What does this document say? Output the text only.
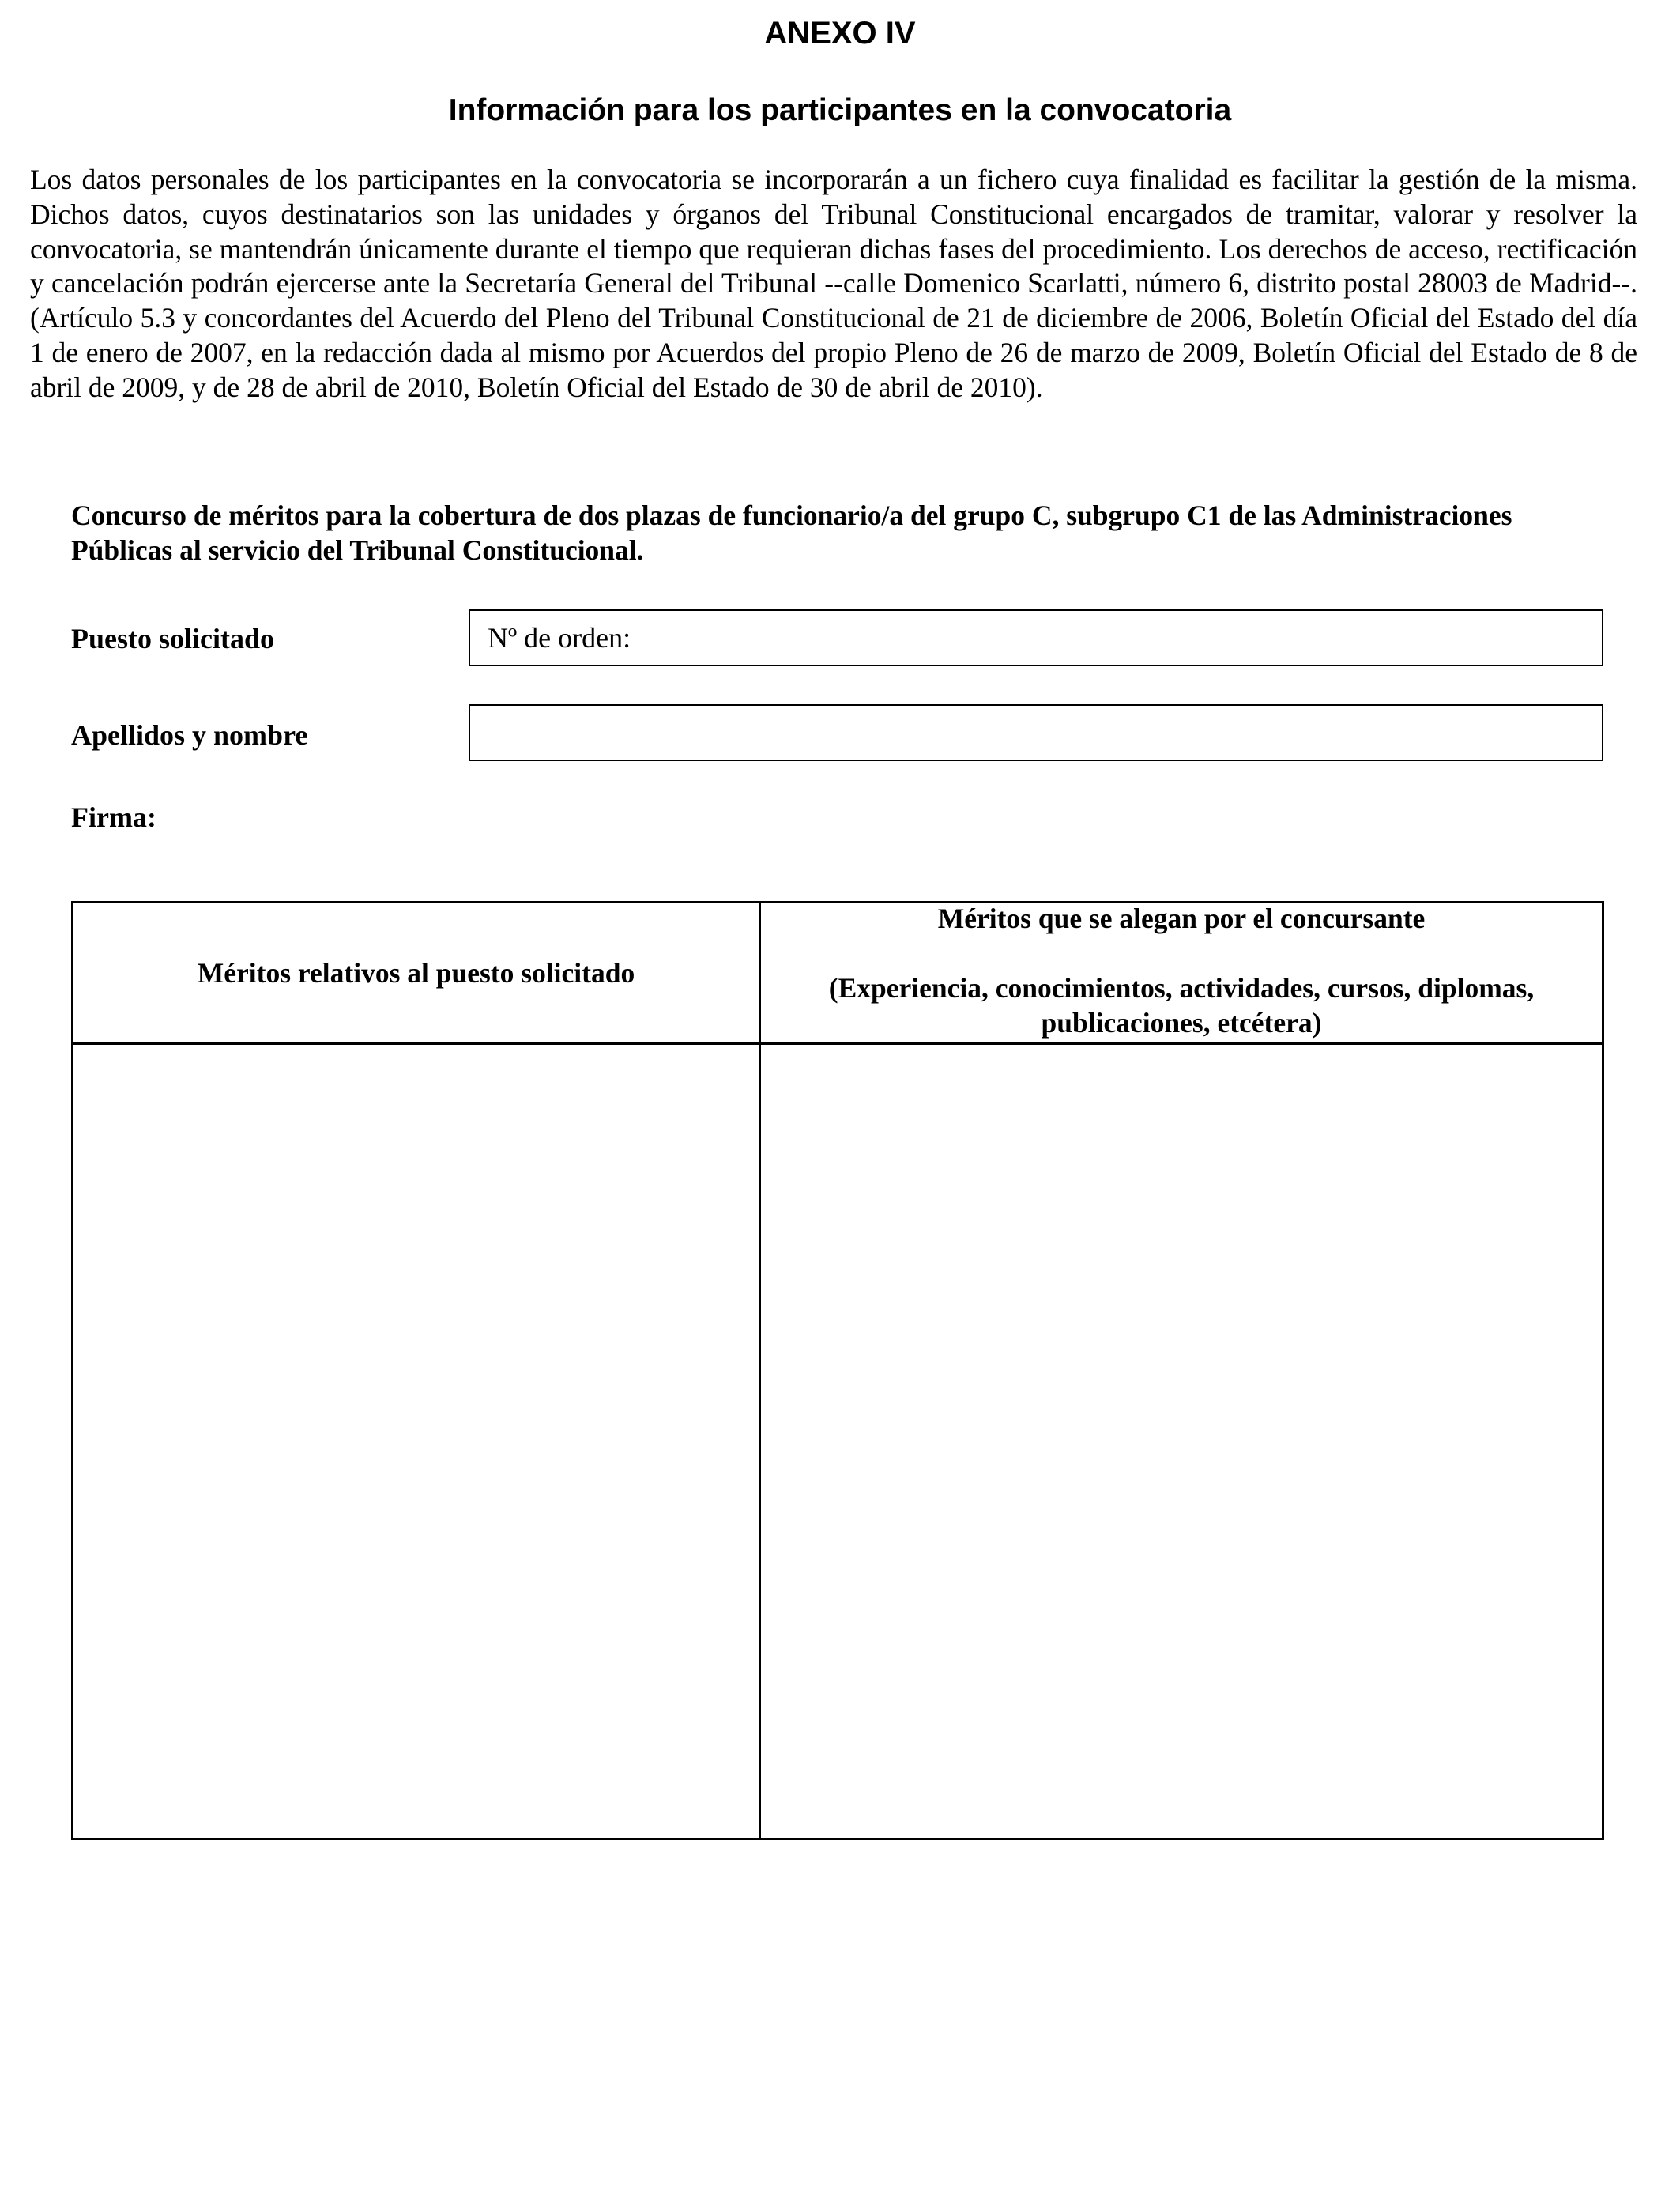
ANEXO IV
Información para los participantes en la convocatoria

Los datos personales de los participantes en la convocatoria se incorporarán a un fichero cuya finalidad es facilitar la gestión de la misma. Dichos datos, cuyos destinatarios son las unidades y órganos del Tribunal Constitucional encargados de tramitar, valorar y resolver la convocatoria, se mantendrán únicamente durante el tiempo que requieran dichas fases del procedimiento. Los derechos de acceso, rectificación y cancelación podrán ejercerse ante la Secretaría General del Tribunal --calle Domenico Scarlatti, número 6, distrito postal 28003 de Madrid--. (Artículo 5.3 y concordantes del Acuerdo del Pleno del Tribunal Constitucional de 21 de diciembre de 2006, Boletín Oficial del Estado del día 1 de enero de 2007, en la redacción dada al mismo por Acuerdos del propio Pleno de 26 de marzo de 2009, Boletín Oficial del Estado de 8 de abril de 2009, y de 28 de abril de 2010, Boletín Oficial del Estado de 30 de abril de 2010).

Concurso de méritos para la cobertura de dos plazas de funcionario/a del grupo C, subgrupo C1 de las Administraciones Públicas al servicio del Tribunal Constitucional.

Puesto solicitado	Nº de orden:
Apellidos y nombre
Firma:
Méritos relativos al puesto solicitado	Méritos que se alegan por el concursante
(Experiencia, conocimientos, actividades, cursos, diplomas, publicaciones, etcétera)
